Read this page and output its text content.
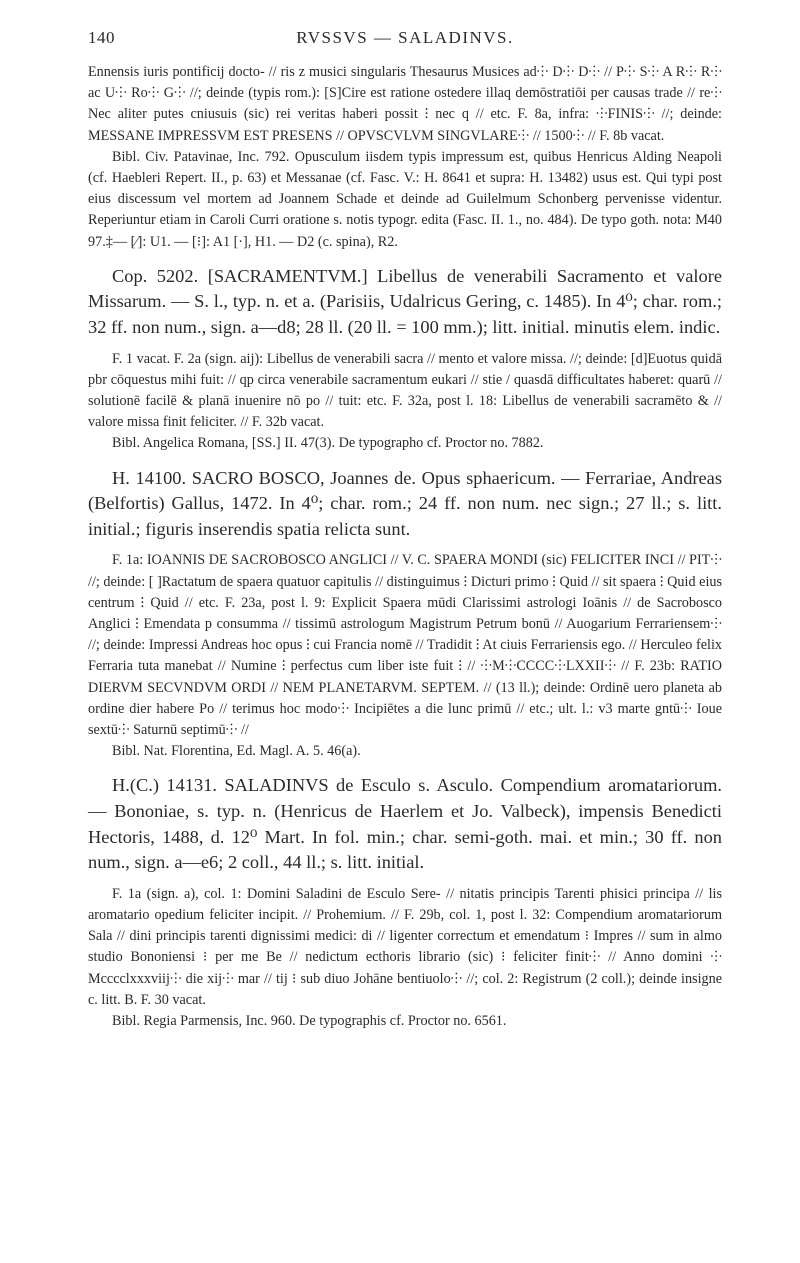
140	RVSSVS — SALADINVS.

Ennensis iuris pontificij docto- // ris z musici singularis Thesaurus Musices ad⸭ D⸭ D⸭ // P⸭ S⸭ A R⸭ R⸭ ac U⸭ Ro⸭ G⸭ //; deinde (typis rom.): [S]Cire est ratione ostedere illaq demōstratiōi per causas trade // re⸭ Nec aliter putes cniusuis (sic) rei veritas haberi possit ⁝ nec q // etc. F. 8a, infra: ⸭FINIS⸭ //; deinde: MESSANE IMPRESSVM EST PRESENS // OPVSCVLVM SINGVLARE⸭ // 1500⸭ // F. 8b vacat.

Bibl. Civ. Patavinae, Inc. 792. Opusculum iisdem typis impressum est, quibus Henricus Alding Neapoli (cf. Haebleri Repert. II., p. 63) et Messanae (cf. Fasc. V.: H. 8641 et supra: H. 13482) usus est. Qui typi post eius discessum vel mortem ad Joannem Schade et deinde ad Guilelmum Schonberg pervenisse videntur. Reperiuntur etiam in Caroli Curri oratione s. notis typogr. edita (Fasc. II. 1., no. 484). De typo goth. nota: M40 97.‡— [⁄]: U1. — [⁝]: A1 [·], H1. — D2 (c. spina), R2.

Cop. 5202. [SACRAMENTVM.] Libellus de venerabili Sacramento et valore Missarum. — S. l., typ. n. et a. (Parisiis, Udalricus Gering, c. 1485). In 4⁰; char. rom.; 32 ff. non num., sign. a—d8; 28 ll. (20 ll. = 100 mm.); litt. initial. minutis elem. indic.

F. 1 vacat. F. 2a (sign. aij): Libellus de venerabili sacra // mento et valore missa. //; deinde: [d]Euotus quidā pbr cōquestus mihi fuit: // qp circa venerabile sacramentum eukari // stie / quasdā difficultates haberet: quarū // solutionē facilē & planā inuenire nō po // tuit: etc. F. 32a, post l. 18: Libellus de venerabili sacramēto & // valore missa finit feliciter. // F. 32b vacat.

Bibl. Angelica Romana, [SS.] II. 47(3). De typographo cf. Proctor no. 7882.

H. 14100. SACRO BOSCO, Joannes de. Opus sphaericum. — Ferrariae, Andreas (Belfortis) Gallus, 1472. In 4⁰; char. rom.; 24 ff. non num. nec sign.; 27 ll.; s. litt. initial.; figuris inserendis spatia relicta sunt.

F. 1a: IOANNIS DE SACROBOSCO ANGLICI // V. C. SPAERA MONDI (sic) FELICITER INCI // PIT⸭ //; deinde: [ ]Ractatum de spaera quatuor capitulis // distinguimus ⁝ Dicturi primo ⁝ Quid // sit spaera ⁝ Quid eius centrum ⁝ Quid // etc. F. 23a, post l. 9: Explicit Spaera mūdi Clarissimi astrologi Ioānis // de Sacrobosco Anglici ⁝ Emendata p consumma // tissimū astrologum Magistrum Petrum bonū // Auogarium Ferrariensem⸭ //; deinde: Impressi Andreas hoc opus ⁝ cui Francia nomē // Tradidit ⁝ At ciuis Ferrariensis ego. // Herculeo felix Ferraria tuta manebat // Numine ⁝ perfectus cum liber iste fuit ⁝ // ⸭M⸭CCCC⸭LXXII⸭ // F. 23b: RATIO DIERVM SECVNDVM ORDI // NEM PLANETARVM. SEPTEM. // (13 ll.); deinde: Ordinē uero planeta ab ordine dier habere Po // terimus hoc modo⸭ Incipiētes a die lunc primū // etc.; ult. l.: v3 marte gntū⸭ Ioue sextū⸭ Saturnū septimū⸭ //

Bibl. Nat. Florentina, Ed. Magl. A. 5. 46(a).

H.(C.) 14131. SALADINVS de Esculo s. Asculo. Compendium aromatariorum. — Bononiae, s. typ. n. (Henricus de Haerlem et Jo. Valbeck), impensis Benedicti Hectoris, 1488, d. 12⁰ Mart. In fol. min.; char. semi-goth. mai. et min.; 30 ff. non num., sign. a—e6; 2 coll., 44 ll.; s. litt. initial.

F. 1a (sign. a), col. 1: Domini Saladini de Esculo Sere- // nitatis principis Tarenti phisici principa // lis aromatario opedium feliciter incipit. // Prohemium. // F. 29b, col. 1, post l. 32: Compendium aromatariorum Sala // dini principis tarenti dignissimi medici: di // ligenter correctum et emendatum ⁝ Impres // sum in almo studio Bononiensi ⁝ per me Be // nedictum ecthoris librario (sic) ⁝ feliciter finit⸭ // Anno domini ⸭Mcccclxxxviij⸭ die xij⸭ mar // tij ⁝ sub diuo Johāne bentiuolo⸭ //; col. 2: Registrum (2 coll.); deinde insigne c. litt. B. F. 30 vacat.

Bibl. Regia Parmensis, Inc. 960. De typographis cf. Proctor no. 6561.
